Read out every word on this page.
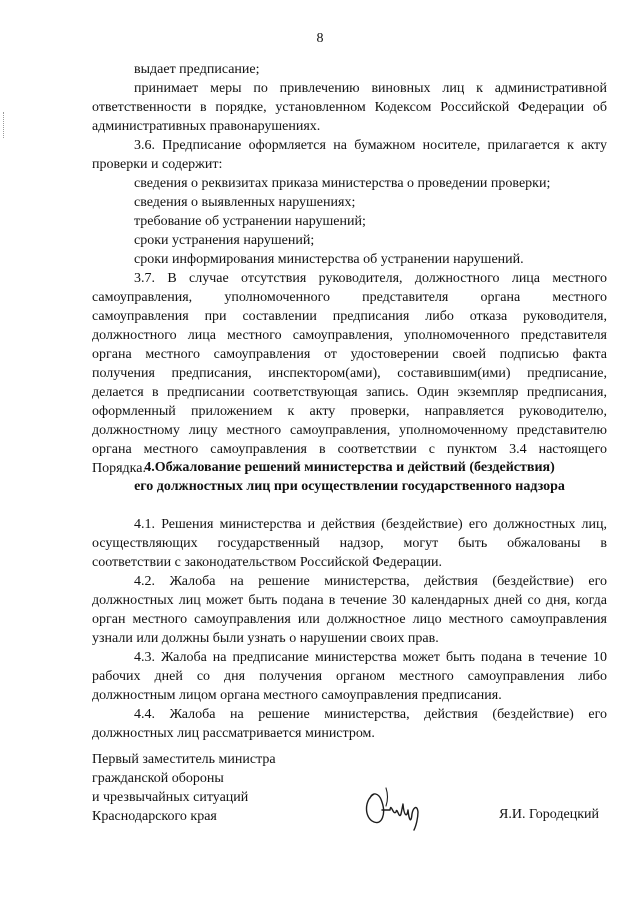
8
выдает предписание;
принимает меры по привлечению виновных лиц к административной
ответственности в порядке, установленном Кодексом Российской Федерации об
административных правонарушениях.
3.6. Предписание оформляется на бумажном носителе, прилагается к акту
проверки и содержит:
сведения о реквизитах приказа министерства о проведении проверки;
сведения о выявленных нарушениях;
требование об устранении нарушений;
сроки устранения нарушений;
сроки информирования министерства об устранении нарушений.
3.7. В случае отсутствия руководителя, должностного лица местного
самоуправления, уполномоченного представителя органа местного
самоуправления при составлении предписания либо отказа руководителя,
должностного лица местного самоуправления, уполномоченного представителя
органа местного самоуправления от удостоверении своей подписью факта
получения предписания, инспектором(ами), составившим(ими) предписание,
делается в предписании соответствующая запись. Один экземпляр предписания,
оформленный приложением к акту проверки, направляется руководителю,
должностному лицу местного самоуправления, уполномоченному представителю
органа местного самоуправления в соответствии с пунктом 3.4 настоящего
Порядка.
4.Обжалование решений министерства и действий (бездействия)
его должностных лиц при осуществлении государственного надзора
4.1. Решения министерства и действия (бездействие) его должностных лиц,
осуществляющих государственный надзор, могут быть обжалованы в
соответствии с законодательством Российской Федерации.
4.2. Жалоба на решение министерства, действия (бездействие) его
должностных лиц может быть подана в течение 30 календарных дней со дня, когда
орган местного самоуправления или должностное лицо местного самоуправления
узнали или должны были узнать о нарушении своих прав.
4.3. Жалоба на предписание министерства может быть подана в течение 10
рабочих дней со дня получения органом местного самоуправления либо
должностным лицом органа местного самоуправления предписания.
4.4. Жалоба на решение министерства, действия (бездействие) его
должностных лиц рассматривается министром.
Первый заместитель министра
гражданской обороны
и чрезвычайных ситуаций
Краснодарского края	Я.И. Городецкий
